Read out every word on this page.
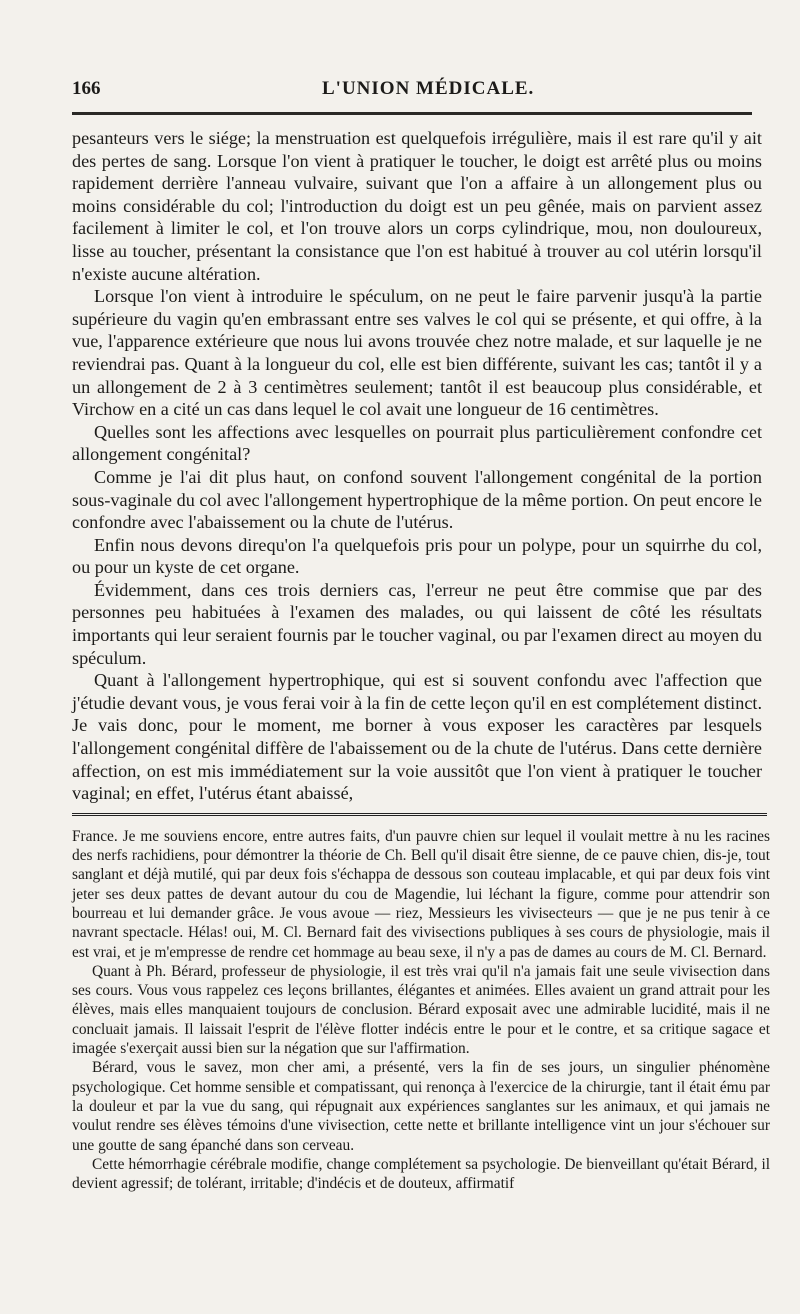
166	L'UNION MÉDICALE.

pesanteurs vers le siége; la menstruation est quelquefois irrégulière, mais il est rare qu'il y ait des pertes de sang. Lorsque l'on vient à pratiquer le toucher, le doigt est arrêté plus ou moins rapidement derrière l'anneau vulvaire, suivant que l'on a affaire à un allongement plus ou moins considérable du col; l'introduction du doigt est un peu gênée, mais on parvient assez facilement à limiter le col, et l'on trouve alors un corps cylindrique, mou, non douloureux, lisse au toucher, présentant la consistance que l'on est habitué à trouver au col utérin lorsqu'il n'existe aucune altération.

Lorsque l'on vient à introduire le spéculum, on ne peut le faire parvenir jusqu'à la partie supérieure du vagin qu'en embrassant entre ses valves le col qui se présente, et qui offre, à la vue, l'apparence extérieure que nous lui avons trouvée chez notre malade, et sur laquelle je ne reviendrai pas. Quant à la longueur du col, elle est bien différente, suivant les cas; tantôt il y a un allongement de 2 à 3 centimètres seulement; tantôt il est beaucoup plus considérable, et Virchow en a cité un cas dans lequel le col avait une longueur de 16 centimètres.

Quelles sont les affections avec lesquelles on pourrait plus particulièrement confondre cet allongement congénital?

Comme je l'ai dit plus haut, on confond souvent l'allongement congénital de la portion sous-vaginale du col avec l'allongement hypertrophique de la même portion. On peut encore le confondre avec l'abaissement ou la chute de l'utérus.

Enfin nous devons direqu'on l'a quelquefois pris pour un polype, pour un squirrhe du col, ou pour un kyste de cet organe.

Évidemment, dans ces trois derniers cas, l'erreur ne peut être commise que par des personnes peu habituées à l'examen des malades, ou qui laissent de côté les résultats importants qui leur seraient fournis par le toucher vaginal, ou par l'examen direct au moyen du spéculum.

Quant à l'allongement hypertrophique, qui est si souvent confondu avec l'affection que j'étudie devant vous, je vous ferai voir à la fin de cette leçon qu'il en est complétement distinct. Je vais donc, pour le moment, me borner à vous exposer les caractères par lesquels l'allongement congénital diffère de l'abaissement ou de la chute de l'utérus. Dans cette dernière affection, on est mis immédiatement sur la voie aussitôt que l'on vient à pratiquer le toucher vaginal; en effet, l'utérus étant abaissé,

France. Je me souviens encore, entre autres faits, d'un pauvre chien sur lequel il voulait mettre à nu les racines des nerfs rachidiens, pour démontrer la théorie de Ch. Bell qu'il disait être sienne, de ce pauve chien, dis-je, tout sanglant et déjà mutilé, qui par deux fois s'échappa de dessous son couteau implacable, et qui par deux fois vint jeter ses deux pattes de devant autour du cou de Magendie, lui léchant la figure, comme pour attendrir son bourreau et lui demander grâce. Je vous avoue — riez, Messieurs les vivisecteurs — que je ne pus tenir à ce navrant spectacle. Hélas! oui, M. Cl. Bernard fait des vivisections publiques à ses cours de physiologie, mais il est vrai, et je m'empresse de rendre cet hommage au beau sexe, il n'y a pas de dames au cours de M. Cl. Bernard.

Quant à Ph. Bérard, professeur de physiologie, il est très vrai qu'il n'a jamais fait une seule vivisection dans ses cours. Vous vous rappelez ces leçons brillantes, élégantes et animées. Elles avaient un grand attrait pour les élèves, mais elles manquaient toujours de conclusion. Bérard exposait avec une admirable lucidité, mais il ne concluait jamais. Il laissait l'esprit de l'élève flotter indécis entre le pour et le contre, et sa critique sagace et imagée s'exerçait aussi bien sur la négation que sur l'affirmation.

Bérard, vous le savez, mon cher ami, a présenté, vers la fin de ses jours, un singulier phénomène psychologique. Cet homme sensible et compatissant, qui renonça à l'exercice de la chirurgie, tant il était ému par la douleur et par la vue du sang, qui répugnait aux expériences sanglantes sur les animaux, et qui jamais ne voulut rendre ses élèves témoins d'une vivisection, cette nette et brillante intelligence vint un jour s'échouer sur une goutte de sang épanché dans son cerveau.

Cette hémorrhagie cérébrale modifie, change complétement sa psychologie. De bienveillant qu'était Bérard, il devient agressif; de tolérant, irritable; d'indécis et de douteux, affirmatif
